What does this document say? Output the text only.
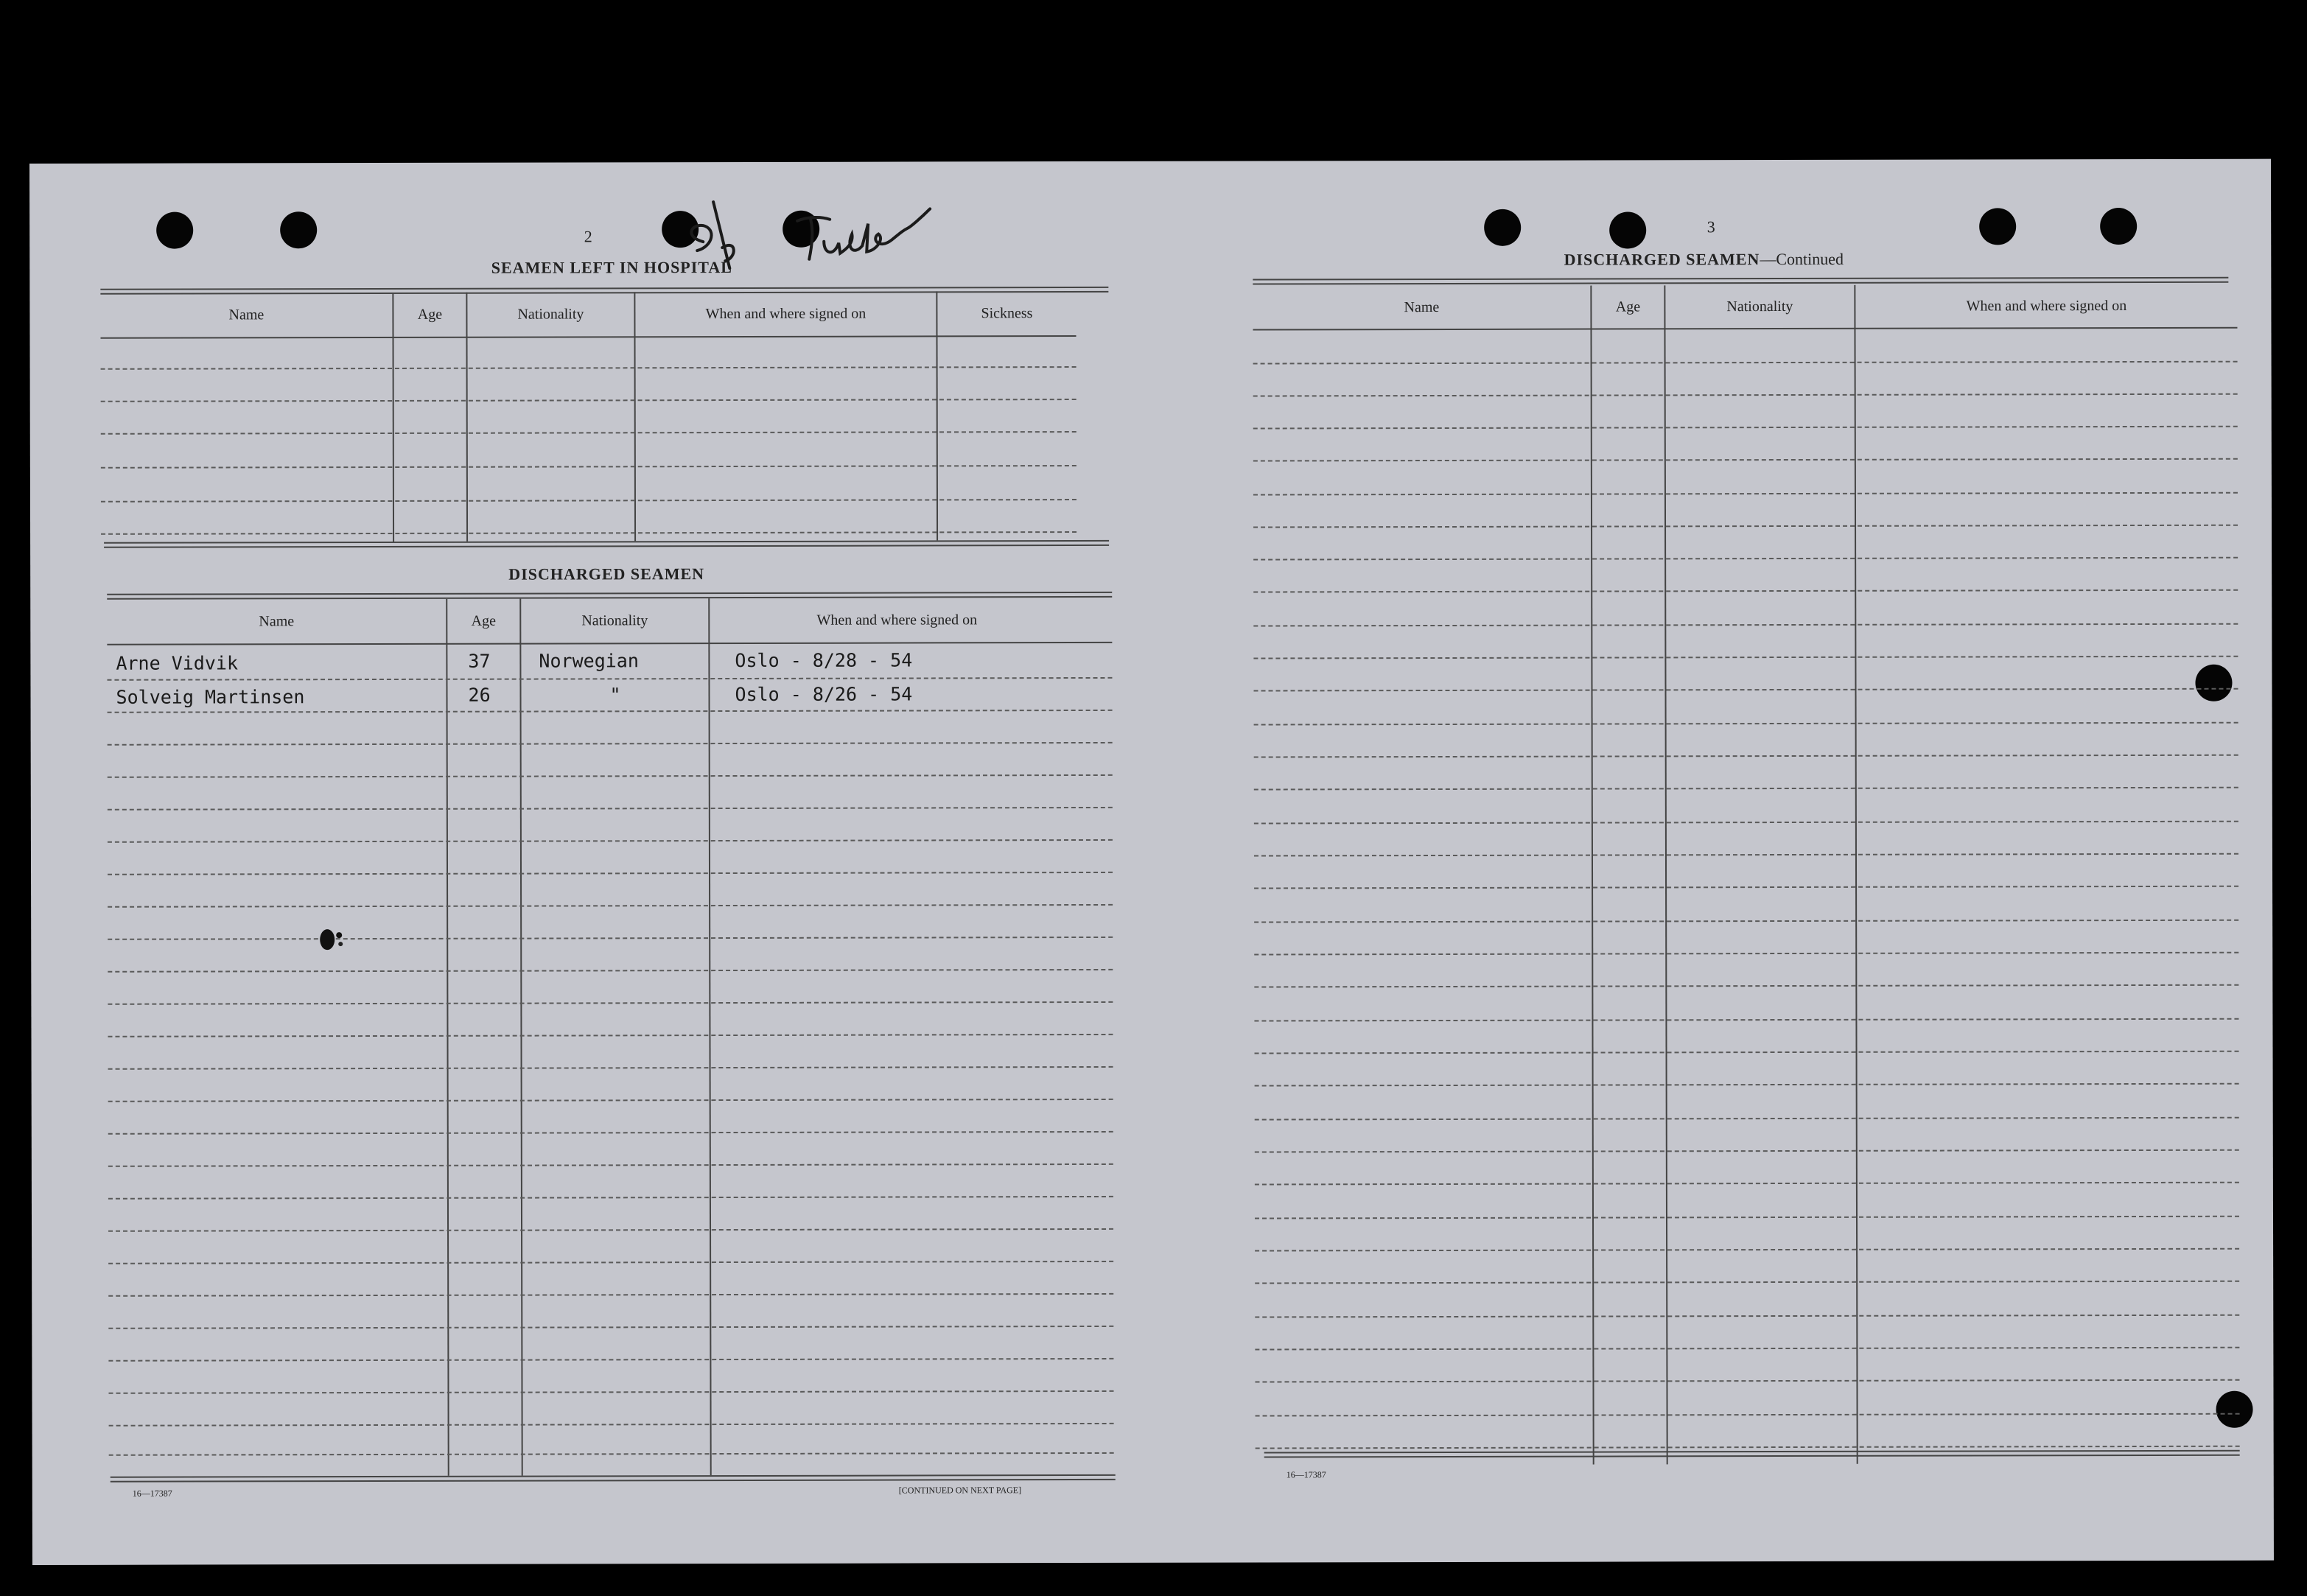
2
SEAMEN LEFT IN HOSPITAL
Name	Age	Nationality	When and where signed on	Sickness
DISCHARGED SEAMEN
Name	Age	Nationality	When and where signed on
Arne Vidvik	37	Norwegian	Oslo - 8/28 - 54
Solveig Martinsen	26	"	Oslo - 8/26 - 54
16—17387	[CONTINUED ON NEXT PAGE]
3
DISCHARGED SEAMEN—Continued
Name	Age	Nationality	When and where signed on
16—17387
